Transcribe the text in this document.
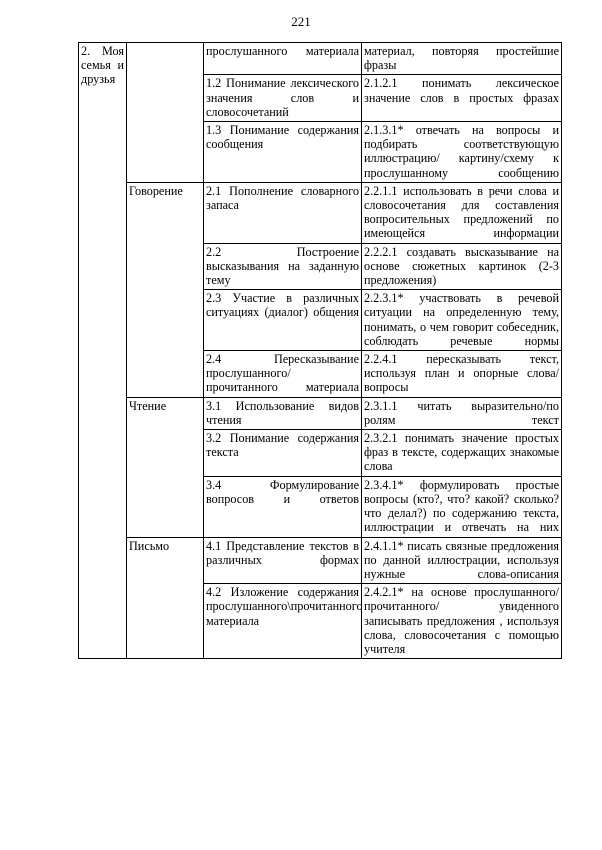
221
2. Моя семья и друзья		прослушанного материала	материал, повторяя простейшие фразы
		1.2 Понимание лексического значения слов и словосочетаний	2.1.2.1 понимать лексическое значение слов в простых фразах
		1.3 Понимание содержания сообщения	2.1.3.1* отвечать на вопросы и подбирать соответствующую иллюстрацию/ картину/схему к прослушанному сообщению
	Говорение	2.1 Пополнение словарного запаса	2.2.1.1 использовать в речи слова и словосочетания для составления вопросительных предложений по имеющейся информации
		2.2 Построение высказывания на заданную тему	2.2.2.1 создавать высказывание на основе сюжетных картинок (2-3 предложения)
		2.3 Участие в различных ситуациях (диалог) общения	2.2.3.1* участвовать в речевой ситуации на определенную тему, понимать, о чем говорит собеседник, соблюдать речевые нормы
		2.4 Пересказывание прослушанного/прочитанного материала	2.2.4.1 пересказывать текст, используя план и опорные слова/вопросы
	Чтение	3.1 Использование видов чтения	2.3.1.1 читать выразительно/по ролям текст
		3.2 Понимание содержания текста	2.3.2.1 понимать значение простых фраз в тексте, содержащих знакомые слова
		3.4 Формулирование вопросов и ответов	2.3.4.1* формулировать простые вопросы (кто?, что? какой? сколько? что делал?) по содержанию текста, иллюстрации и отвечать на них
	Письмо	4.1 Представление текстов в различных формах	2.4.1.1* писать связные предложения по данной иллюстрации, используя нужные слова-описания
		4.2 Изложение содержания прослушанного\прочитанного материала	2.4.2.1* на основе прослушанного/ прочитанного/ увиденного записывать предложения , используя слова, словосочетания с помощью учителя
